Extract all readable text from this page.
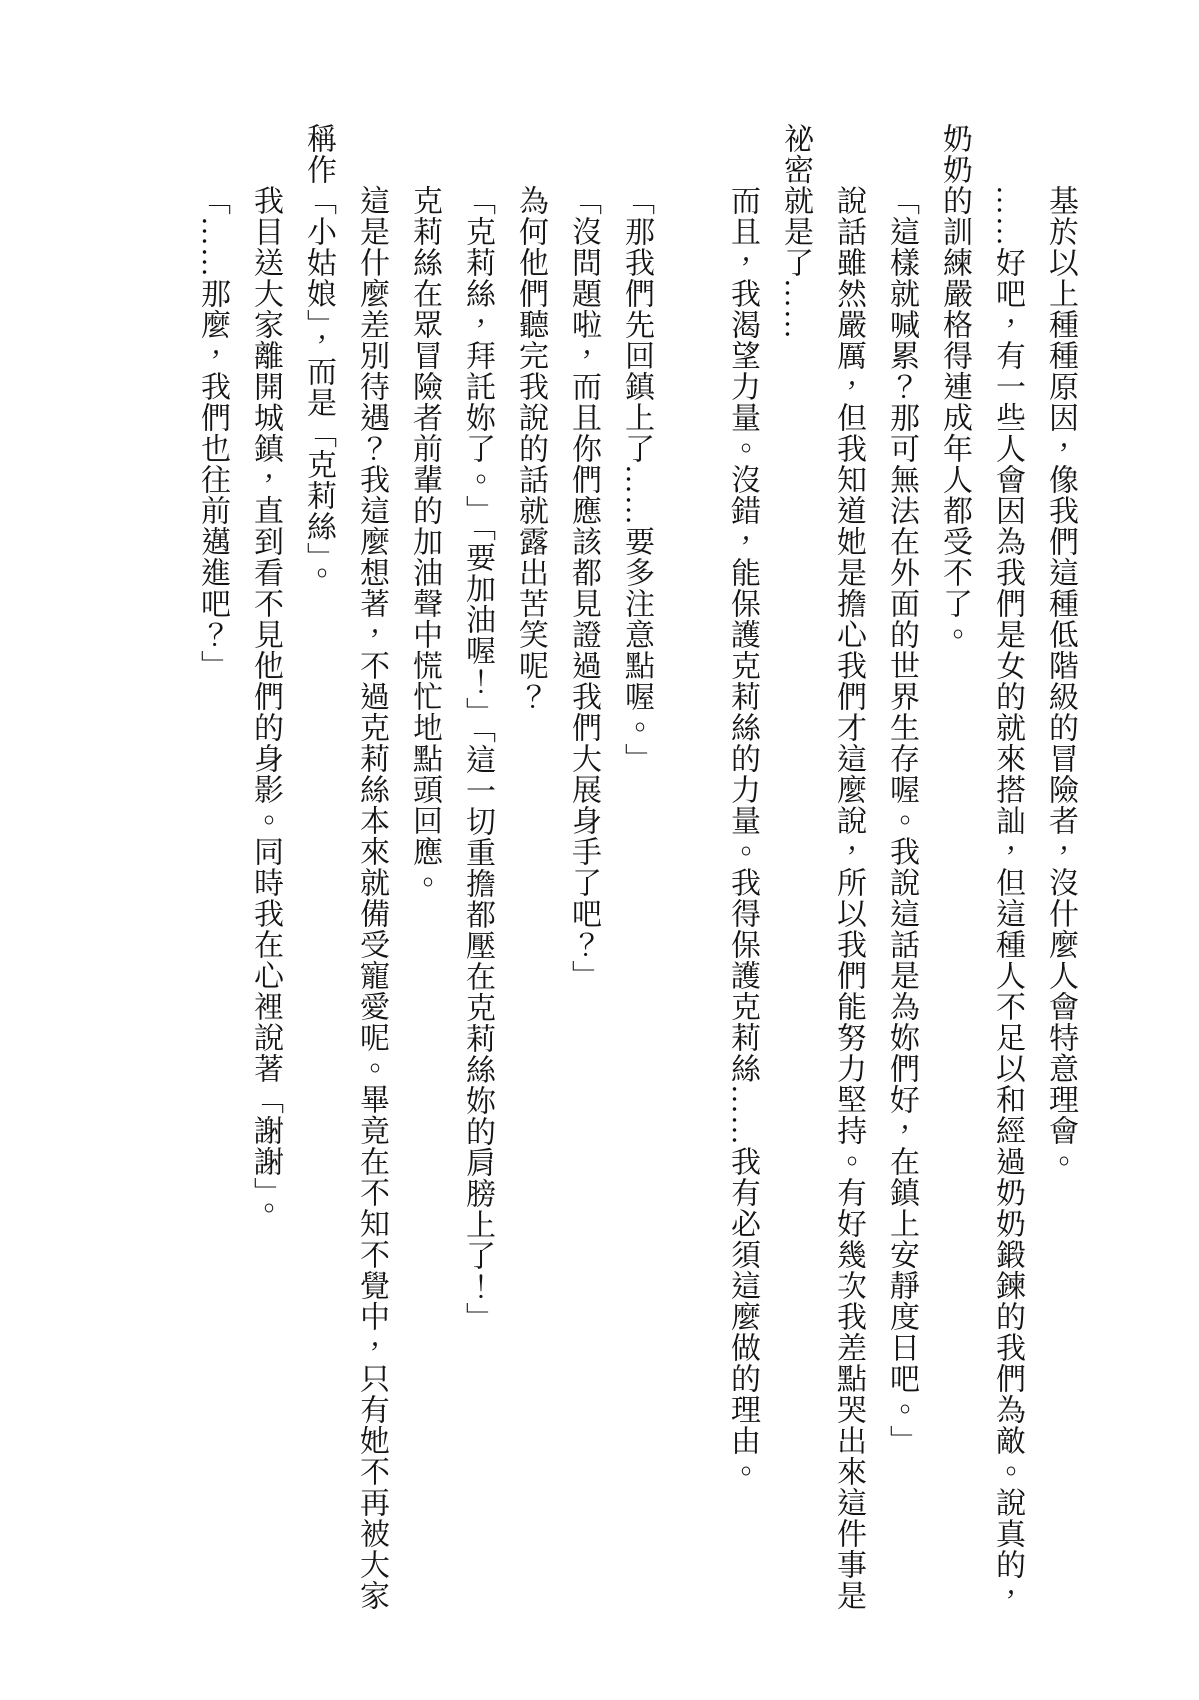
基於以上種種原因，像我們這種低階級的冒險者，沒什麼人會特意理會。

……好吧，有一些人會因為我們是女的就來搭訕，但這種人不足以和經過奶奶鍛鍊的我們為敵。說真的，奶奶的訓練嚴格得連成年人都受不了。

「這樣就喊累？那可無法在外面的世界生存喔。我說這話是為妳們好，在鎮上安靜度日吧。」

說話雖然嚴厲，但我知道她是擔心我們才這麼說，所以我們能努力堅持。有好幾次我差點哭出來這件事是祕密就是了……

而且，我渴望力量。沒錯，能保護克莉絲的力量。我得保護克莉絲……我有必須這麼做的理由。

「那我們先回鎮上了……要多注意點喔。」

「沒問題啦，而且你們應該都見證過我們大展身手了吧？」

為何他們聽完我說的話就露出苦笑呢？

「克莉絲，拜託妳了。」「要加油喔！」「這一切重擔都壓在克莉絲妳的肩膀上了！」

克莉絲在眾冒險者前輩的加油聲中慌忙地點頭回應。

這是什麼差別待遇？我這麼想著，不過克莉絲本來就備受寵愛呢。畢竟在不知不覺中，只有她不再被大家稱作「小姑娘」，而是「克莉絲」。

我目送大家離開城鎮，直到看不見他們的身影。同時我在心裡說著「謝謝」。

「……那麼，我們也往前邁進吧？」
